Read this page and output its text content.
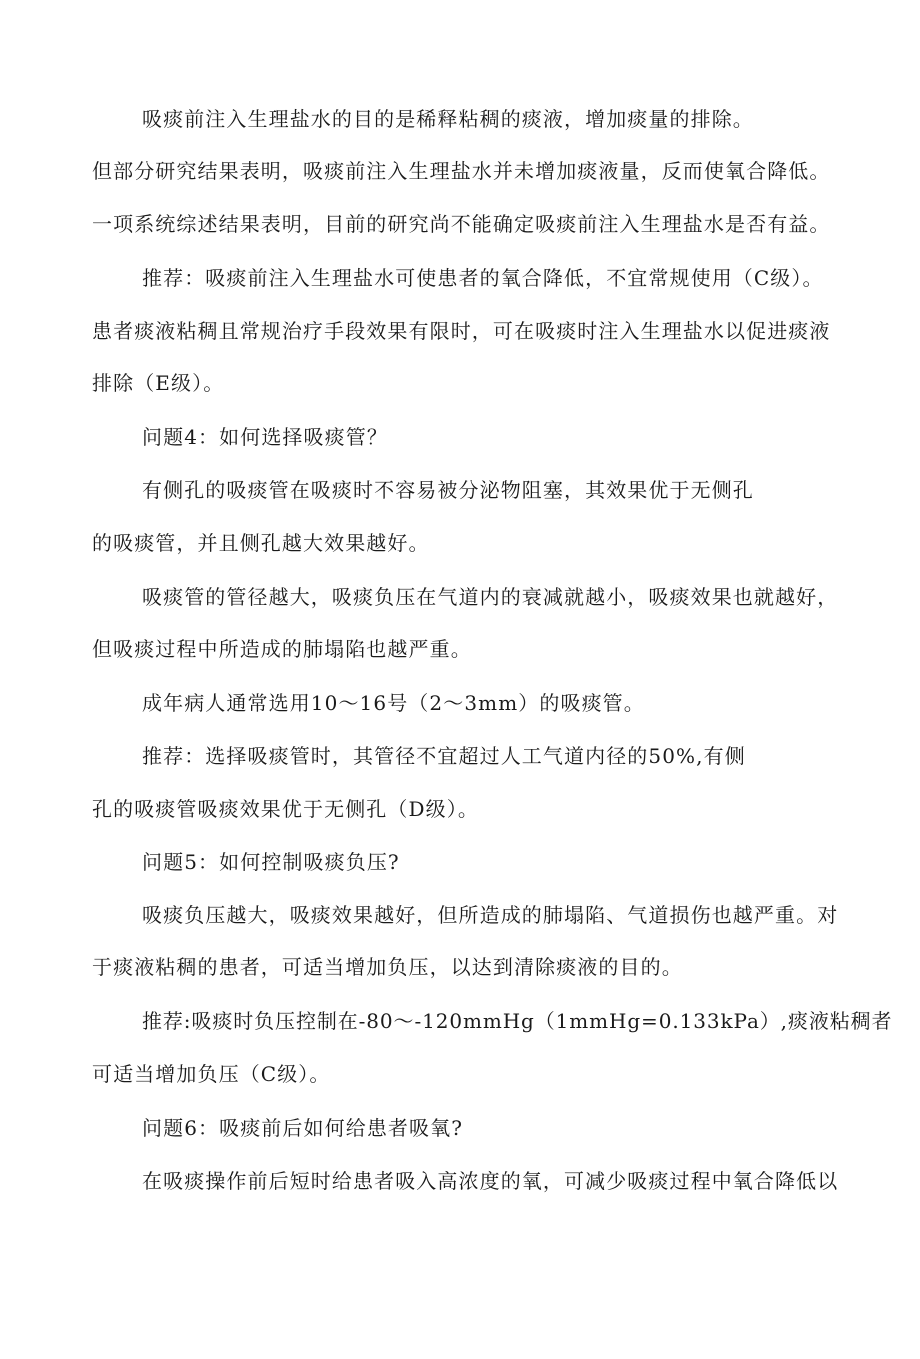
吸痰前注入生理盐水的目的是稀释粘稠的痰液，增加痰量的排除。
但部分研究结果表明，吸痰前注入生理盐水并未增加痰液量，反而使氧合降低。
一项系统综述结果表明，目前的研究尚不能确定吸痰前注入生理盐水是否有益。
推荐：吸痰前注入生理盐水可使患者的氧合降低，不宜常规使用（C级）。
患者痰液粘稠且常规治疗手段效果有限时，可在吸痰时注入生理盐水以促进痰液
排除（E级）。
问题4：如何选择吸痰管？
有侧孔的吸痰管在吸痰时不容易被分泌物阻塞，其效果优于无侧孔
的吸痰管，并且侧孔越大效果越好。
吸痰管的管径越大，吸痰负压在气道内的衰减就越小，吸痰效果也就越好，
但吸痰过程中所造成的肺塌陷也越严重。
成年病人通常选用10～16号（2～3mm）的吸痰管。
推荐：选择吸痰管时，其管径不宜超过人工气道内径的50%,有侧
孔的吸痰管吸痰效果优于无侧孔（D级）。
问题5：如何控制吸痰负压?
吸痰负压越大，吸痰效果越好，但所造成的肺塌陷、气道损伤也越严重。对
于痰液粘稠的患者，可适当增加负压，以达到清除痰液的目的。
推荐:吸痰时负压控制在-80～-120mmHg（1mmHg=0.133kPa）,痰液粘稠者
可适当增加负压（C级）。
问题6：吸痰前后如何给患者吸氧?
在吸痰操作前后短时给患者吸入高浓度的氧，可减少吸痰过程中氧合降低以
